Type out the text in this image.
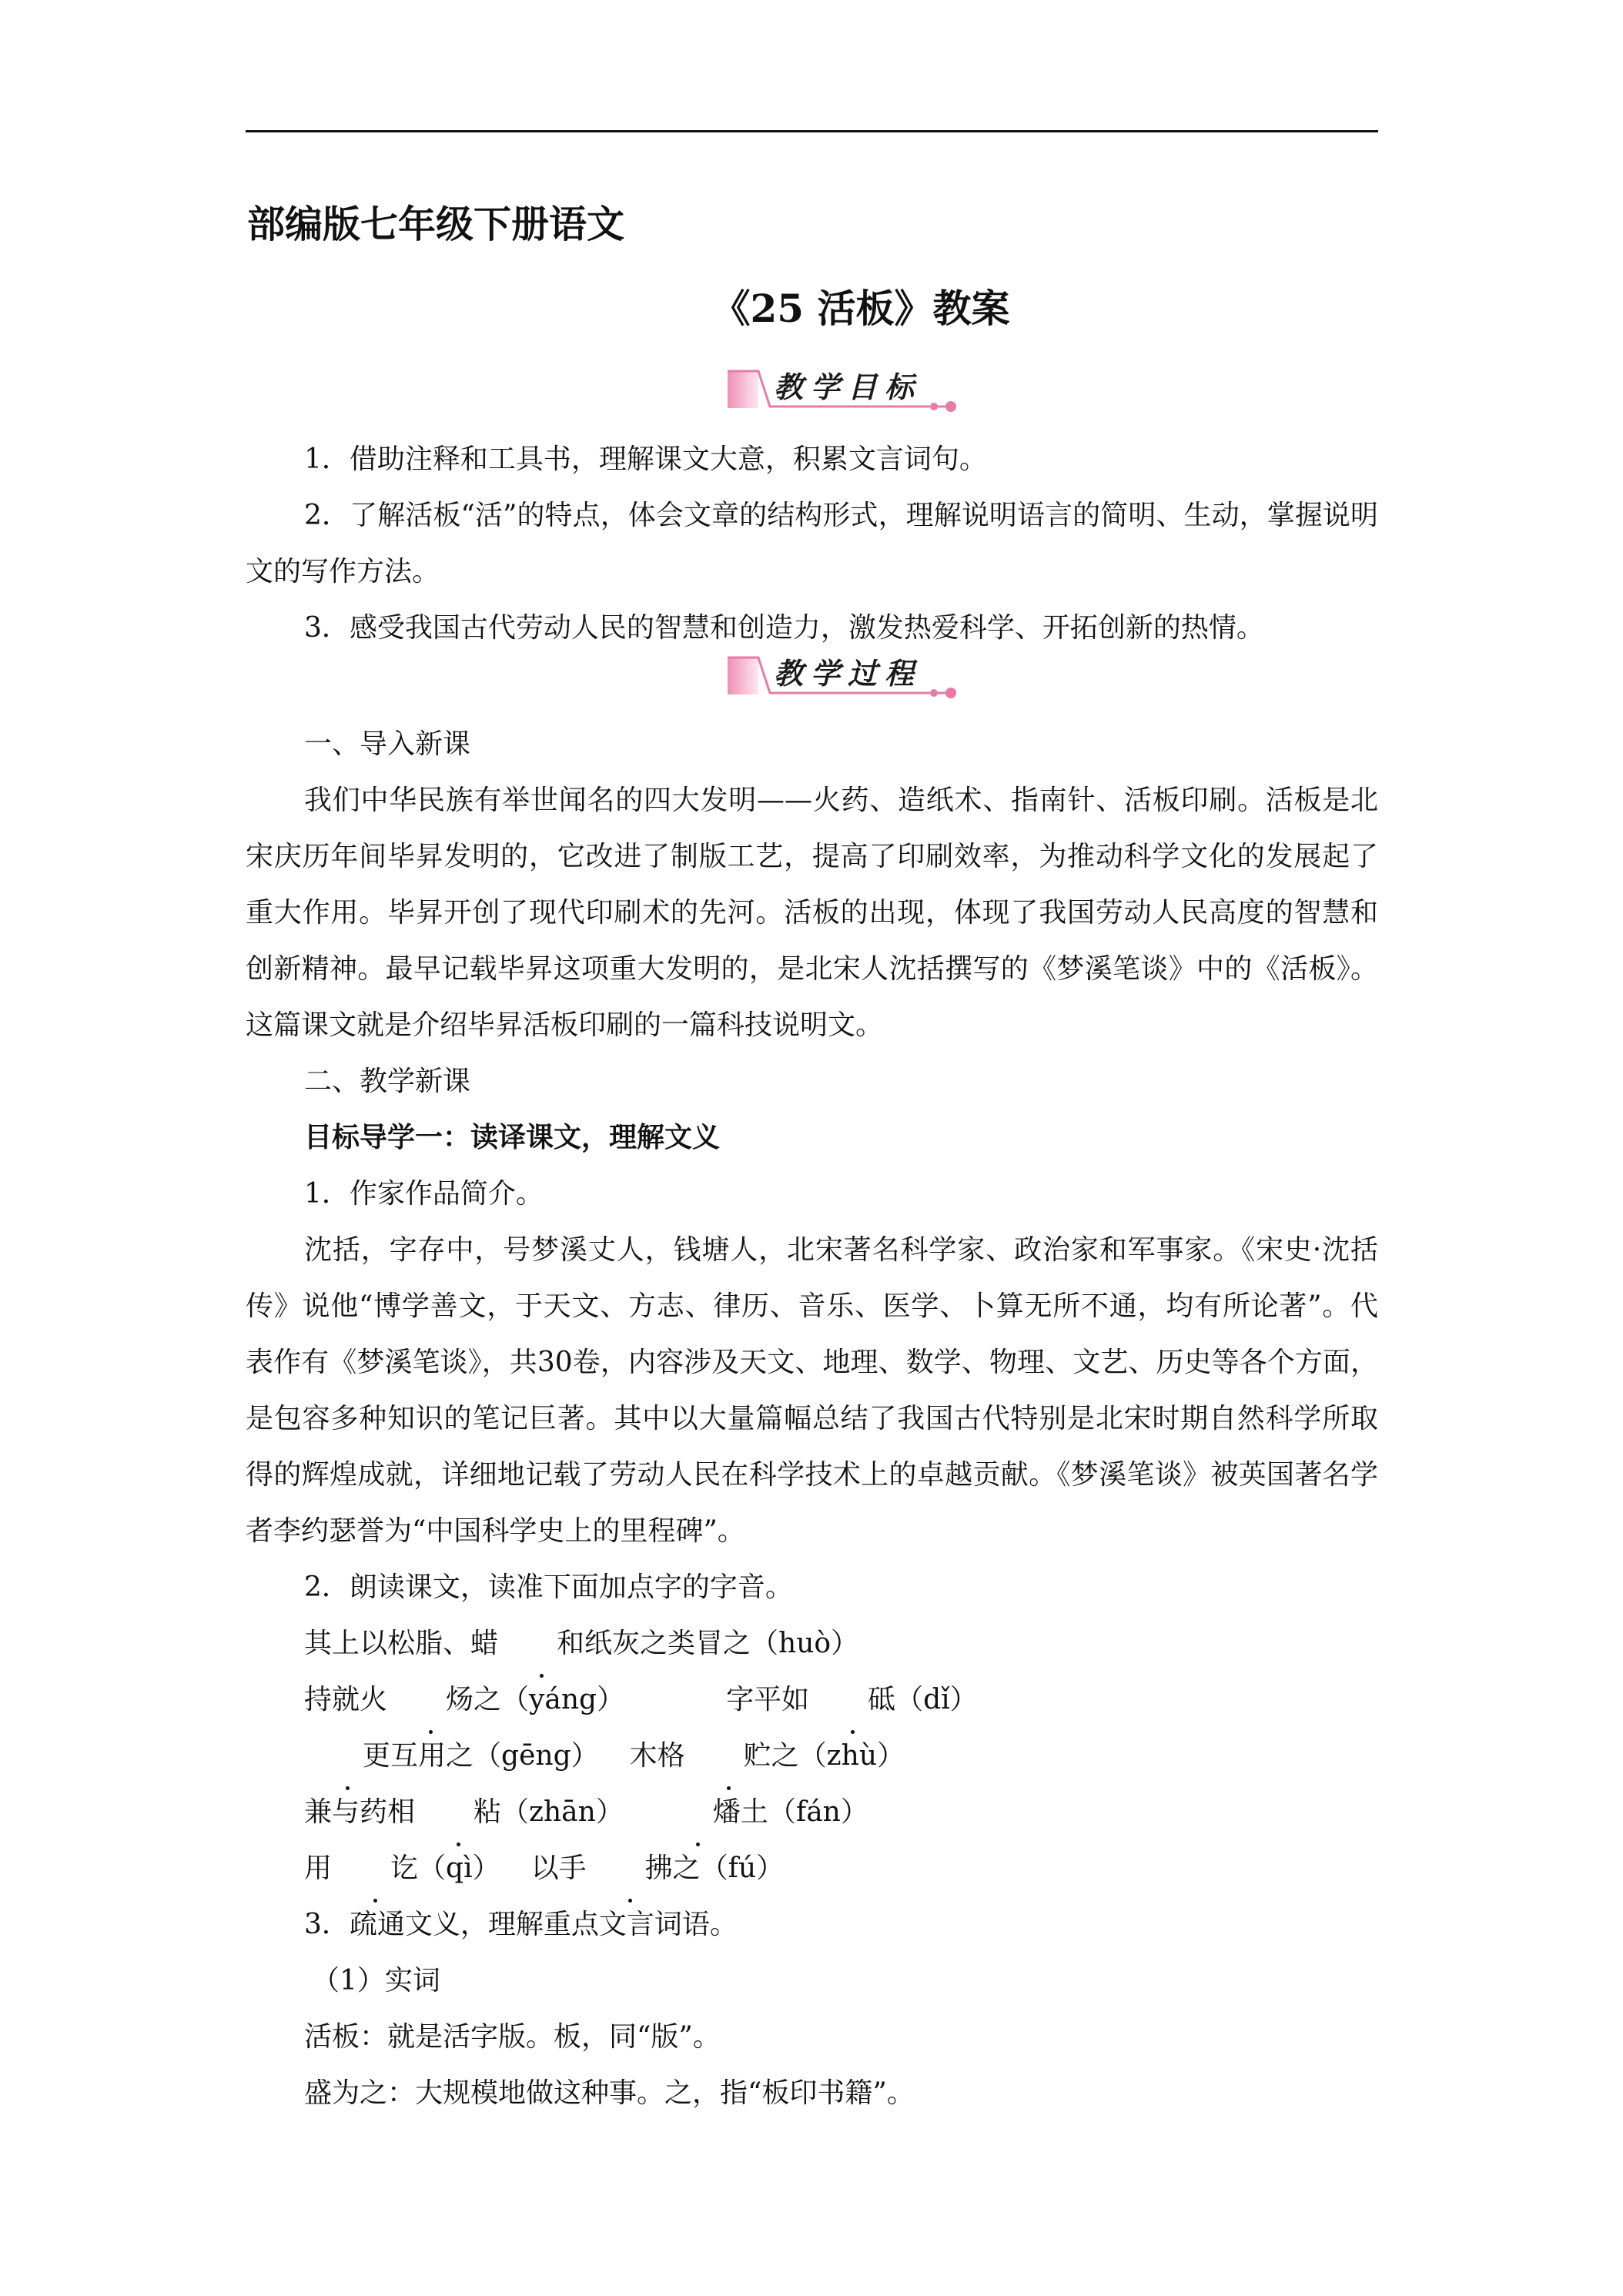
部编版七年级下册语文
《25 活板》教案
教学目标

1．借助注释和工具书，理解课文大意，积累文言词句。

2．了解活板“活”的特点，体会文章的结构形式，理解说明语言的简明、生动，掌握说明文的写作方法。

3．感受我国古代劳动人民的智慧和创造力，激发热爱科学、开拓创新的热情。

教学过程

一、导入新课

我们中华民族有举世闻名的四大发明——火药、造纸术、指南针、活板印刷。活板是北宋庆历年间毕昇发明的，它改进了制版工艺，提高了印刷效率，为推动科学文化的发展起了重大作用。毕昇开创了现代印刷术的先河。活板的出现，体现了我国劳动人民高度的智慧和创新精神。最早记载毕昇这项重大发明的，是北宋人沈括撰写的《梦溪笔谈》中的《活板》。这篇课文就是介绍毕昇活板印刷的一篇科技说明文。

二、教学新课

目标导学一：读译课文，理解文义

1．作家作品简介。

沈括，字存中，号梦溪丈人，钱塘人，北宋著名科学家、政治家和军事家。《宋史·沈括传》说他“博学善文，于天文、方志、律历、音乐、医学、卜算无所不通，均有所论著”。代表作有《梦溪笔谈》，共30卷，内容涉及天文、地理、数学、物理、文艺、历史等各个方面，是包容多种知识的笔记巨著。其中以大量篇幅总结了我国古代特别是北宋时期自然科学所取得的辉煌成就，详细地记载了劳动人民在科学技术上的卓越贡献。《梦溪笔谈》被英国著名学者李约瑟誉为“中国科学史上的里程碑”。

2．朗读课文，读准下面加点字的字音。

其上以松脂、蜡 和纸灰之类冒之（huò）

持就火 炀之（yáng）	字平如 砥（dǐ）

更互用之（gēng） 木格 贮之（zhù）

兼与药相 粘（zhān）	燔土（fán）

用 讫（qì） 以手 拂之（fú）

3．疏通文义，理解重点文言词语。

（1）实词

活板：就是活字版。板，同“版”。

盛为之：大规模地做这种事。之，指“板印书籍”。
